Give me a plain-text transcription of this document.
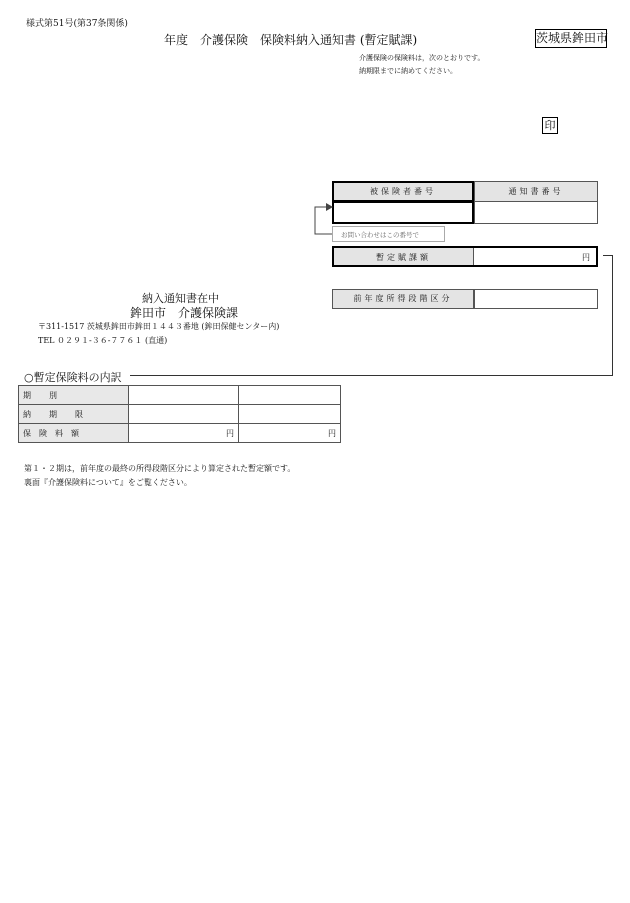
様式第51号(第37条関係)
年度　介護保険　保険料納入通知書 (暫定賦課)	茨城県鉾田市
介護保険の保険料は，次のとおりです。
納期限までに納めてください。
印
被保険者番号	通知書番号
お問い合わせはこの番号で
暫定賦課額	円
前年度所得段階区分
納入通知書在中
鉾田市　介護保険課
〒311-1517 茨城県鉾田市鉾田１４４３番地 (鉾田保健センター内)
TEL ０２９１-３６-７７６１ (直通)
○暫定保険料の内訳
期別		
納期限		
保険料額	円	円
第１・２期は，前年度の最終の所得段階区分により算定された暫定額です。
裏面『介護保険料について』をご覧ください。
